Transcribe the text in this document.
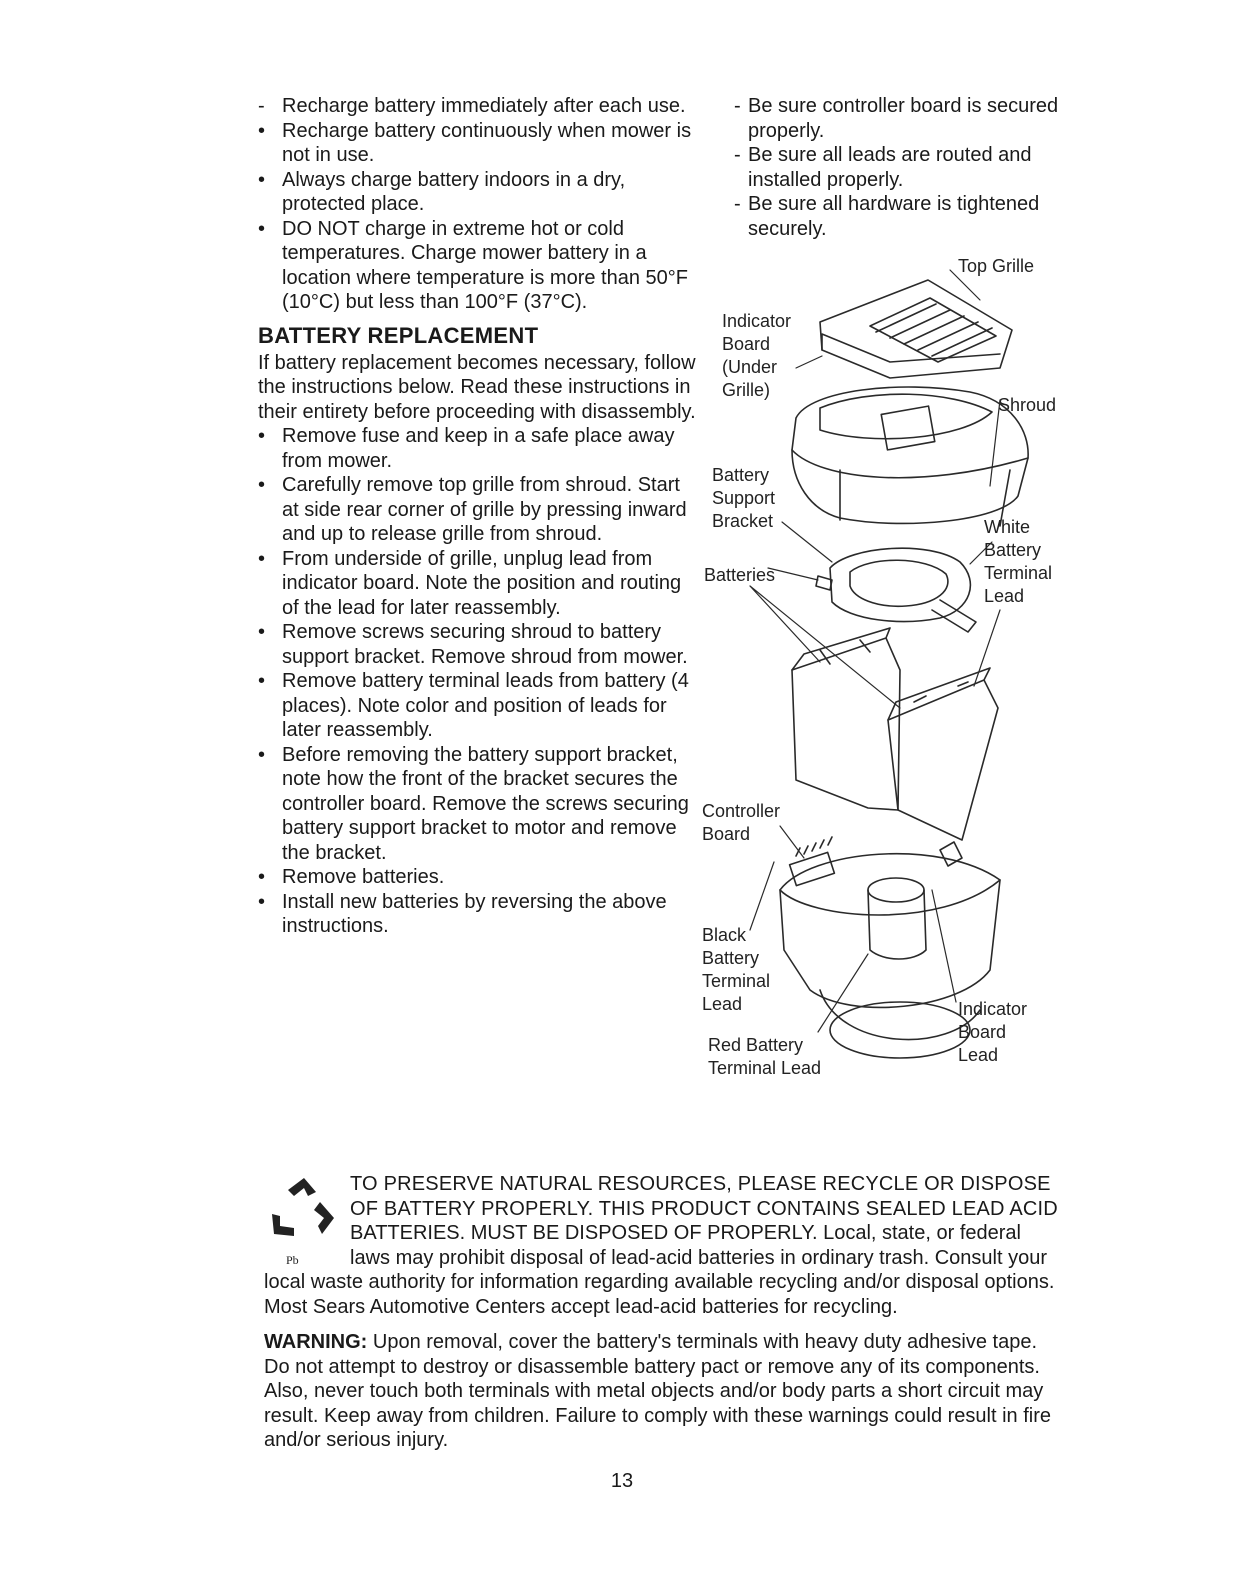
- Recharge battery immediately after each use.
• Recharge battery continuously when mower is not in use.
• Always charge battery indoors in a dry, protected place.
• DO NOT charge in extreme hot or cold temperatures. Charge mower battery in a location where temperature is more than 50°F (10°C) but less than 100°F (37°C).
BATTERY REPLACEMENT

If battery replacement becomes necessary, follow the instructions below. Read these instructions in their entirety before proceeding with disassembly.

• Remove fuse and keep in a safe place away from mower.
• Carefully remove top grille from shroud. Start at side rear corner of grille by pressing inward and up to release grille from shroud.
• From underside of grille, unplug lead from indicator board. Note the position and routing of the lead for later reassembly.
• Remove screws securing shroud to battery support bracket. Remove shroud from mower.
• Remove battery terminal leads from battery (4 places). Note color and position of leads for later reassembly.
• Before removing the battery support bracket, note how the front of the bracket secures the controller board. Remove the screws securing battery support bracket to motor and remove the bracket.
• Remove batteries.
• Install new batteries by reversing the above instructions.
- Be sure controller board is secured properly.
- Be sure all leads are routed and installed properly.
- Be sure all hardware is tightened securely.
Top Grille
Indicator
Board
(Under
Grille)
Shroud
Battery
Support
Bracket	White
Battery
Terminal
Lead
Batteries
Controller
Board
Black
Battery
Terminal
Lead	Indicator
Board
Lead
Red Battery
Terminal Lead
Pb
TO PRESERVE NATURAL RESOURCES, PLEASE RECYCLE OR DISPOSE
OF BATTERY PROPERLY. THIS PRODUCT CONTAINS SEALED LEAD ACID
BATTERIES. MUST BE DISPOSED OF PROPERLY. Local, state, or federal
laws may prohibit disposal of lead-acid batteries in ordinary trash. Consult your
local waste authority for information regarding available recycling and/or disposal options.
Most Sears Automotive Centers accept lead-acid batteries for recycling.

WARNING: Upon removal, cover the battery's terminals with heavy duty adhesive tape. Do not attempt to destroy or disassemble battery pact or remove any of its components. Also, never touch both terminals with metal objects and/or body parts a short circuit may result. Keep away from children. Failure to comply with these warnings could result in fire and/or serious injury.

13
